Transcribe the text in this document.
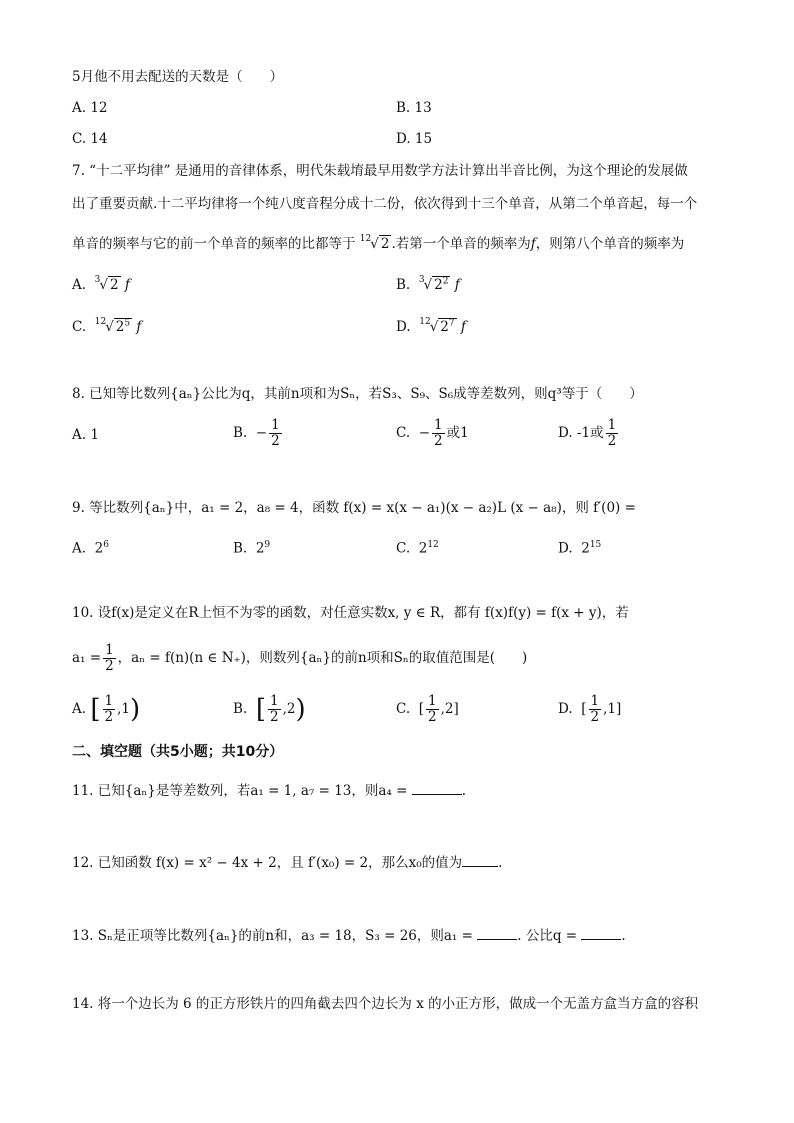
5月他不用去配送的天数是（　　）
A. 12	B. 13
C. 14	D. 15
7. “十二平均律” 是通用的音律体系，明代朱载堉最早用数学方法计算出半音比例，为这个理论的发展做
出了重要贡献.十二平均律将一个纯八度音程分成十二份，依次得到十三个单音，从第二个单音起，每一个
单音的频率与它的前一个单音的频率的比都等于 $^{12}$√ 2 .若第一个单音的频率为f，则第八个单音的频率为
A. $^3$√ 2 f	B. $^3$√ $2^2$ f
C. $^{12}$√ $2^5$ f	D. $^{12}$√ $2^7$ f
8. 已知等比数列{aₙ}公比为q，其前n项和为Sₙ，若S₃、S₉、S₆成等差数列，则q³等于（　　）
A. 1	B.  − $\frac{1}{2}$	C.  − $\frac{1}{2}$ 或1	D. -1或 $\frac{1}{2}$
9. 等比数列{aₙ}中，a₁ = 2，a₈ = 4，函数 f(x) = x(x − a₁)(x − a₂)L (x − a₈)，则 f′(0) =
A. $2^6$	B. $2^9$	C. $2^{12}$	D. $2^{15}$
10. 设f(x)是定义在R上恒不为零的函数，对任意实数x, y ∈ R，都有 f(x)f(y) = f(x + y)，若
$a_1 = \frac{1}{2}$ ，aₙ = f(n)(n ∈ N₊)，则数列{aₙ}的前n项和Sₙ的取值范围是(　　)
A. [ $\frac{1}{2} ,1$)	B. [ $\frac{1}{2} ,2$)	C. [ $\frac{1}{2} ,2$]	D. [ $\frac{1}{2} ,1$]
二、填空题（共5小题；共10分）
11. 已知{aₙ}是等差数列，若a₁ = 1, a₇ = 13，则a₄ =	.
12. 已知函数 f(x) = x² − 4x + 2，且 f′(x₀) = 2，那么x₀的值为	.
13. Sₙ是正项等比数列{aₙ}的前n和，a₃ = 18，S₃ = 26，则a₁ =	. 公比q =	.
14. 将一个边长为 6 的正方形铁片的四角截去四个边长为 x 的小正方形，做成一个无盖方盒当方盒的容积
